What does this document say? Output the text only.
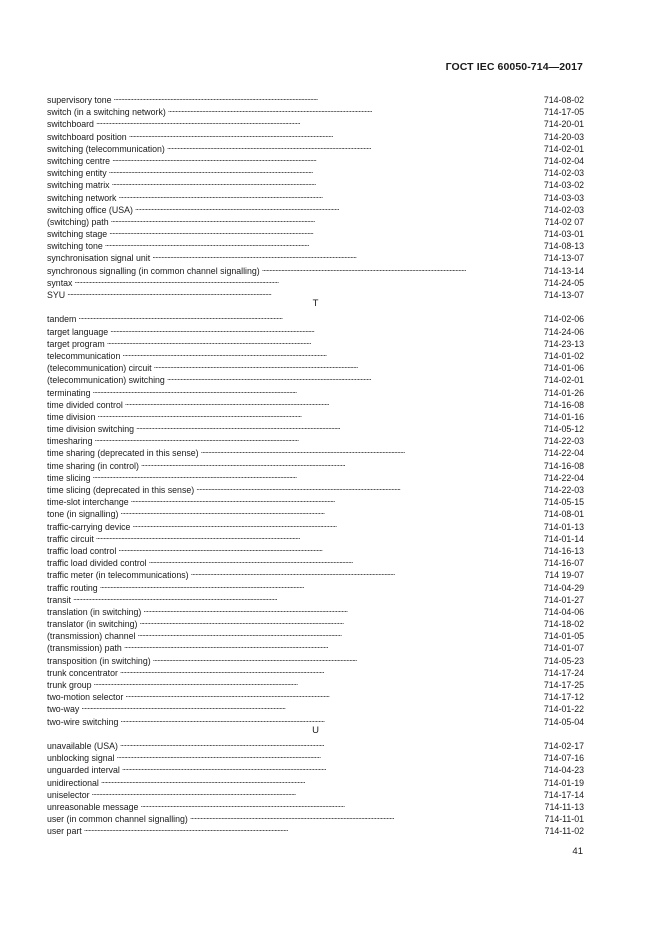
ГОСТ IEC 60050-714—2017
supervisory tone . . .	714-08-02
switch (in a switching network) . . .	714-17-05
switchboard . . .	714-20-01
switchboard position . . .	714-20-03
switching (telecommunication) . . .	714-02-01
switching centre . . .	714-02-04
switching entity . . .	714-02-03
switching matrix . . .	714-03-02
switching network . . .	714-03-03
switching office (USA) . . .	714-02-03
(switching) path . . .	714-02 07
switching stage . . .	714-03-01
switching tone . . .	714-08-13
synchronisation signal unit . . .	714-13-07
synchronous signalling (in common channel signalling) . . .	714-13-14
syntax . . .	714-24-05
SYU . . .	714-13-07
T
tandem . . .	714-02-06
target language . . .	714-24-06
target program . . .	714-23-13
telecommunication . . .	714-01-02
(telecommunication) circuit . . .	714-01-06
(telecommunication) switching . . .	714-02-01
terminating . . .	714-01-26
time divided control . . .	714-16-08
time division . . .	714-01-16
time division switching . . .	714-05-12
timesharing . . .	714-22-03
time sharing (deprecated in this sense) . . .	714-22-04
time sharing (in control) . . .	714-16-08
time slicing . . .	714-22-04
time slicing (deprecated in this sense) . . .	714-22-03
time-slot interchange . . .	714-05-15
tone (in signalling) . . .	714-08-01
traffic-carrying device . . .	714-01-13
traffic circuit . . .	714-01-14
traffic load control . . .	714-16-13
traffic load divided control . . .	714-16-07
traffic meter (in telecommunications) . . .	714 19-07
traffic routing . . .	714-04-29
transit . . .	714-01-27
translation (in switching) . . .	714-04-06
translator (in switching) . . .	714-18-02
(transmission) channel . . .	714-01-05
(transmission) path . . .	714-01-07
transposition (in switching) . . .	714-05-23
trunk concentrator . . .	714-17-24
trunk group . . .	714-17-25
two-motion selector . . .	714-17-12
two-way . . .	714-01-22
two-wire switching . . .	714-05-04
U
unavailable (USA) . . .	714-02-17
unblocking signal . . .	714-07-16
unguarded interval . . .	714-04-23
unidirectional . . .	714-01-19
uniselector . . .	714-17-14
unreasonable message . . .	714-11-13
user (in common channel signalling) . . .	714-11-01
user part . . .	714-11-02
41
